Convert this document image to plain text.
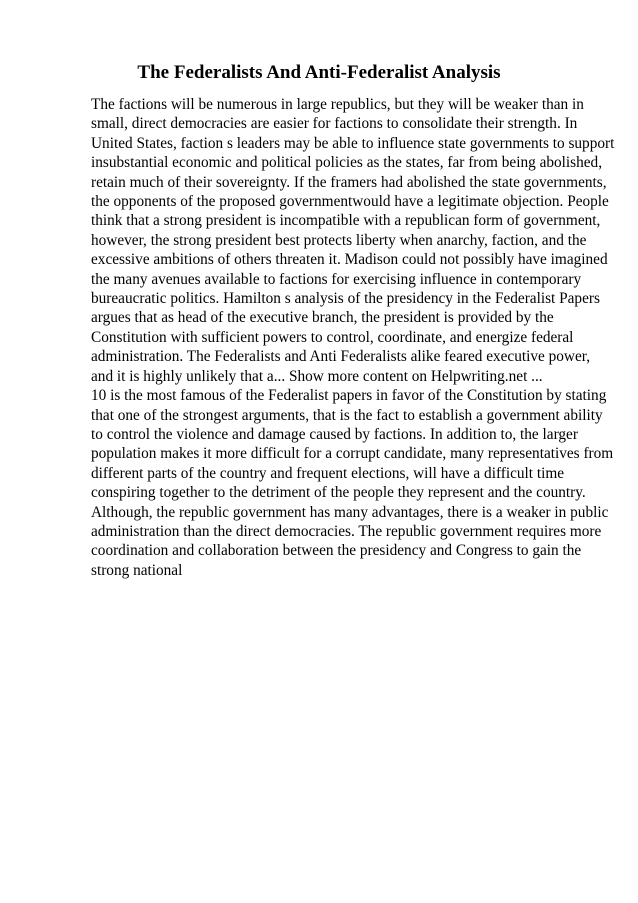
The Federalists And Anti-Federalist Analysis
The factions will be numerous in large republics, but they will be weaker than in
small, direct democracies are easier for factions to consolidate their strength. In
United States, faction s leaders may be able to influence state governments to support
insubstantial economic and political policies as the states, far from being abolished,
retain much of their sovereignty. If the framers had abolished the state governments,
the opponents of the proposed governmentwould have a legitimate objection. People
think that a strong president is incompatible with a republican form of government,
however, the strong president best protects liberty when anarchy, faction, and the
excessive ambitions of others threaten it. Madison could not possibly have imagined
the many avenues available to factions for exercising influence in contemporary
bureaucratic politics. Hamilton s analysis of the presidency in the Federalist Papers
argues that as head of the executive branch, the president is provided by the
Constitution with sufficient powers to control, coordinate, and energize federal
administration. The Federalists and Anti Federalists alike feared executive power,
and it is highly unlikely that a... Show more content on Helpwriting.net ...
10 is the most famous of the Federalist papers in favor of the Constitution by stating
that one of the strongest arguments, that is the fact to establish a government ability
to control the violence and damage caused by factions. In addition to, the larger
population makes it more difficult for a corrupt candidate, many representatives from
different parts of the country and frequent elections, will have a difficult time
conspiring together to the detriment of the people they represent and the country.
Although, the republic government has many advantages, there is a weaker in public
administration than the direct democracies. The republic government requires more
coordination and collaboration between the presidency and Congress to gain the
strong national
